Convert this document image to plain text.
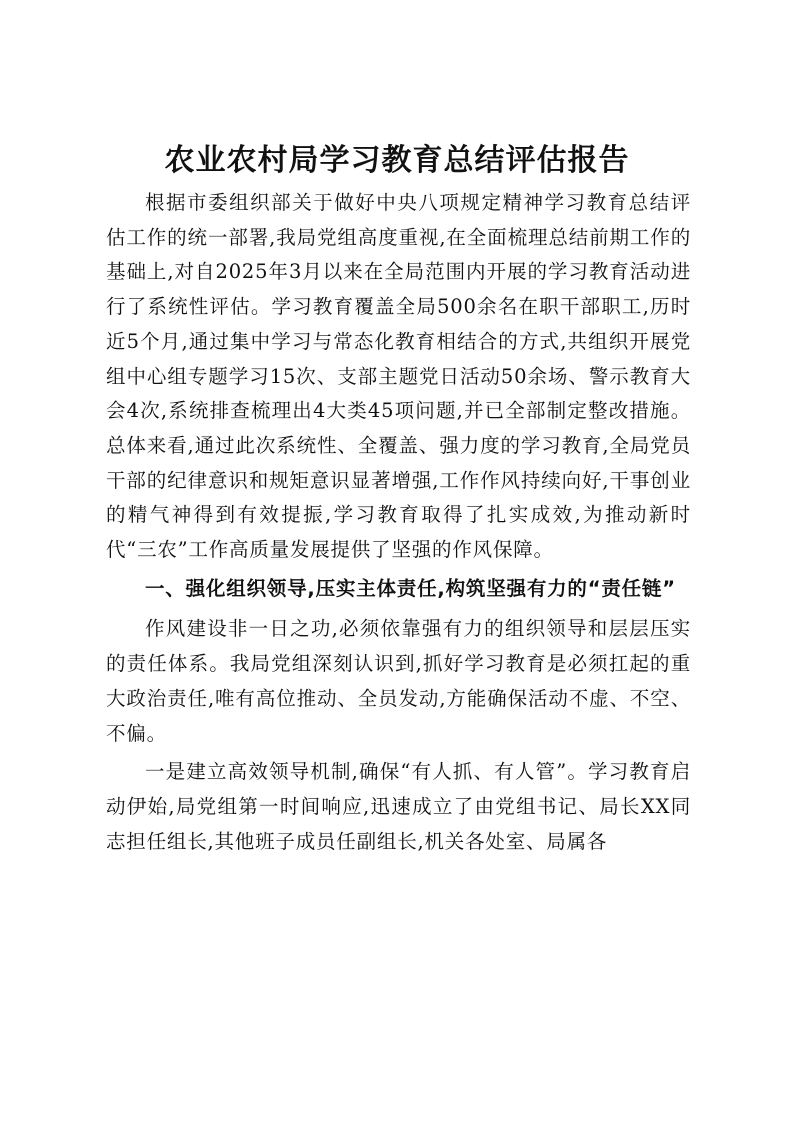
农业农村局学习教育总结评估报告

根据市委组织部关于做好中央八项规定精神学习教育总结评估工作的统一部署,我局党组高度重视,在全面梳理总结前期工作的基础上,对自2025年3月以来在全局范围内开展的学习教育活动进行了系统性评估。学习教育覆盖全局500余名在职干部职工,历时近5个月,通过集中学习与常态化教育相结合的方式,共组织开展党组中心组专题学习15次、支部主题党日活动50余场、警示教育大会4次,系统排查梳理出4大类45项问题,并已全部制定整改措施。总体来看,通过此次系统性、全覆盖、强力度的学习教育,全局党员干部的纪律意识和规矩意识显著增强,工作作风持续向好,干事创业的精气神得到有效提振,学习教育取得了扎实成效,为推动新时代“三农”工作高质量发展提供了坚强的作风保障。

一、强化组织领导,压实主体责任,构筑坚强有力的“责任链”

作风建设非一日之功,必须依靠强有力的组织领导和层层压实的责任体系。我局党组深刻认识到,抓好学习教育是必须扛起的重大政治责任,唯有高位推动、全员发动,方能确保活动不虚、不空、不偏。

一是建立高效领导机制,确保“有人抓、有人管”。学习教育启动伊始,局党组第一时间响应,迅速成立了由党组书记、局长XX同志担任组长,其他班子成员任副组长,机关各处室、局属各
